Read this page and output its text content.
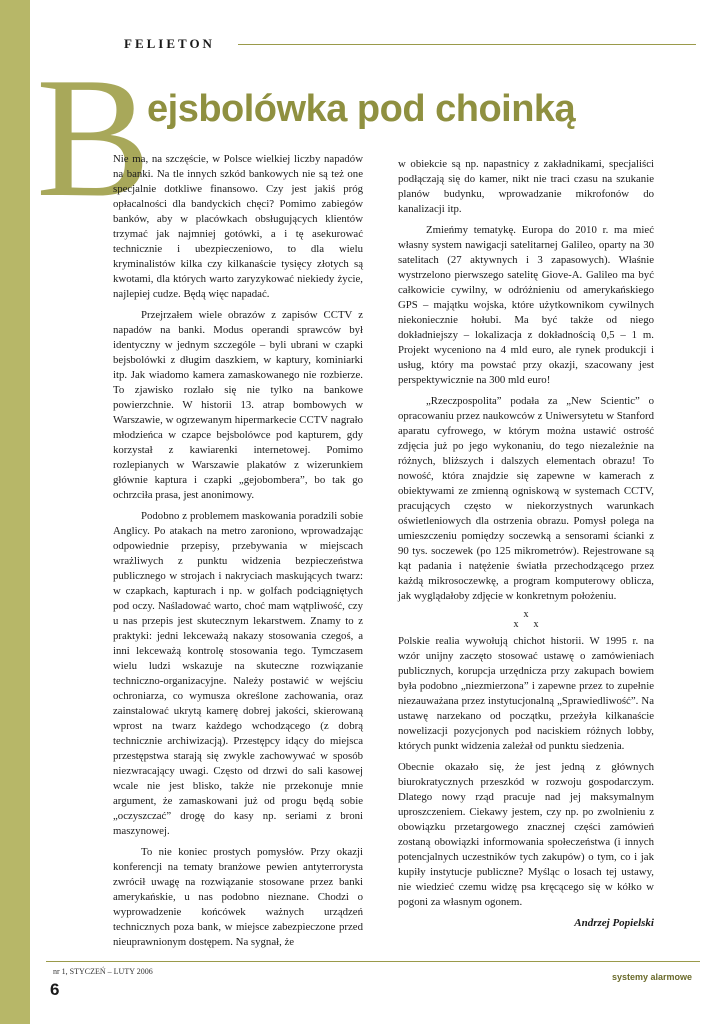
FELIETON
B
ejsbolówka pod choinką

Nie ma, na szczęście, w Polsce wielkiej liczby napadów na banki. Na tle innych szkód bankowych nie są też one specjalnie dotkliwe finansowo. Czy jest jakiś próg opłacalności dla bandyckich chęci? Pomimo zabiegów banków, aby w placówkach obsługujących klientów trzymać jak najmniej gotówki, a i tę asekurować technicznie i ubezpieczeniowo, to dla wielu kryminalistów kilka czy kilkanaście tysięcy złotych są kwotami, dla których warto zaryzykować niekiedy życie, najlepiej cudze. Będą więc napadać.

Przejrzałem wiele obrazów z zapisów CCTV z napadów na banki. Modus operandi sprawców był identyczny w jednym szczególe – byli ubrani w czapki bejsbolówki z długim daszkiem, w kaptury, kominiarki itp. Jak wiadomo kamera zamaskowanego nie rozbierze. To zjawisko rozlało się nie tylko na bankowe powierzchnie. W historii 13. atrap bombowych w Warszawie, w ogrzewanym hipermarkecie CCTV nagrało młodzieńca w czapce bejsbolówce pod kapturem, gdy korzystał z kawiarenki internetowej. Pomimo rozlepianych w Warszawie plakatów z wizerunkiem głównie kaptura i czapki „gejobombera”, bo tak go ochrzciła prasa, jest anonimowy.

Podobno z problemem maskowania poradzili sobie Anglicy. Po atakach na metro zaroniono, wprowadzając odpowiednie przepisy, przebywania w miejscach wrażliwych z punktu widzenia bezpieczeństwa publicznego w strojach i nakryciach maskujących twarz: w czapkach, kapturach i np. w golfach podciągniętych pod oczy. Naśladować warto, choć mam wątpliwość, czy u nas przepis jest skutecznym lekarstwem. Znamy to z praktyki: jedni lekceważą nakazy stosowania czegoś, a inni lekceważą kontrolę stosowania tego. Tymczasem wielu ludzi wskazuje na skuteczne rozwiązanie techniczno-organizacyjne. Należy postawić w wejściu ochroniarza, co wymusza określone zachowania, oraz zainstalować ukrytą kamerę dobrej jakości, skierowaną wprost na twarz każdego wchodzącego (z dobrą technicznie archiwizacją). Przestępcy idący do miejsca przestępstwa starają się zwykle zachowywać w sposób niezwracający uwagi. Często od drzwi do sali kasowej wcale nie jest blisko, także nie przekonuje mnie argument, że zamaskowani już od progu będą sobie „oczyszczać” drogę do kasy np. seriami z broni maszynowej.

To nie koniec prostych pomysłów. Przy okazji konferencji na tematy branżowe pewien antyterrorysta zwrócił uwagę na rozwiązanie stosowane przez banki amerykańskie, u nas podobno nieznane. Chodzi o wyprowadzenie końcówek ważnych urządzeń technicznych poza bank, w miejsce zabezpieczone przed nieuprawnionym dostępem. Na sygnał, że

w obiekcie są np. napastnicy z zakładnikami, specjaliści podłączają się do kamer, nikt nie traci czasu na szukanie planów budynku, wprowadzanie mikrofonów do kanalizacji itp.

Zmieńmy tematykę. Europa do 2010 r. ma mieć własny system nawigacji satelitarnej Galileo, oparty na 30 satelitach (27 aktywnych i 3 zapasowych). Właśnie wystrzelono pierwszego satelitę Giove-A. Galileo ma być całkowicie cywilny, w odróżnieniu od amerykańskiego GPS – majątku wojska, które użytkownikom cywilnych niekoniecznie hołubi. Ma być także od niego dokładniejszy – lokalizacja z dokładnością 0,5 – 1 m. Projekt wyceniono na 4 mld euro, ale rynek produkcji i usług, który ma powstać przy okazji, szacowany jest perspektywicznie na 300 mld euro!

„Rzeczpospolita” podała za „New Scientic” o opracowaniu przez naukowców z Uniwersytetu w Stanford aparatu cyfrowego, w którym można ustawić ostrość zdjęcia już po jego wykonaniu, do tego niezależnie na różnych, bliższych i dalszych elementach obrazu! To nowość, która znajdzie się zapewne w kamerach z obiektywami ze zmienną ogniskową w systemach CCTV, pracujących często w niekorzystnych warunkach oświetleniowych dla ostrzenia obrazu. Pomysł polega na umieszczeniu pomiędzy soczewką a sensorami ściankі z 90 tys. soczewek (po 125 mikrometrów). Rejestrowane są kąt padania i natężenie światła przechodzącego przez każdą mikrosoczewkę, a program komputerowy oblicza, jak wyglądałoby zdjęcie w konkretnym położeniu.

x
x      x

Polskie realia wywołują chichot historii. W 1995 r. na wzór unijny zaczęto stosować ustawę o zamówieniach publicznych, korupcja urzędnicza przy zakupach bowiem była podobno „niezmierzona” i zapewne przez to zupełnie niezauważana przez instytucjonalną „Sprawiedliwość”. Na ustawę narzekano od początku, przeżyła kilkanaście nowelizacji pozycjonych pod naciskiem różnych lobby, których punkt widzenia zależał od punktu siedzenia.

Obecnie okazało się, że jest jedną z głównych biurokratycznych przeszkód w rozwoju gospodarczym. Dlatego nowy rząd pracuje nad jej maksymalnym uproszczeniem. Ciekawy jestem, czy np. po zwolnieniu z obowiązku przetargowego znacznej części zamówień zostaną obowiązki informowania społeczeństwa (i innych potencjalnych uczestników tych zakupów) o tym, co i jak kupiły instytucje publiczne? Myśląc o losach tej ustawy, nie wiedzieć czemu widzę psa kręcącego się w kółko w pogoni za własnym ogonem.

Andrzej Popielski
nr 1, STYCZEŃ – LUTY 2006
6
systemy alarmowe
